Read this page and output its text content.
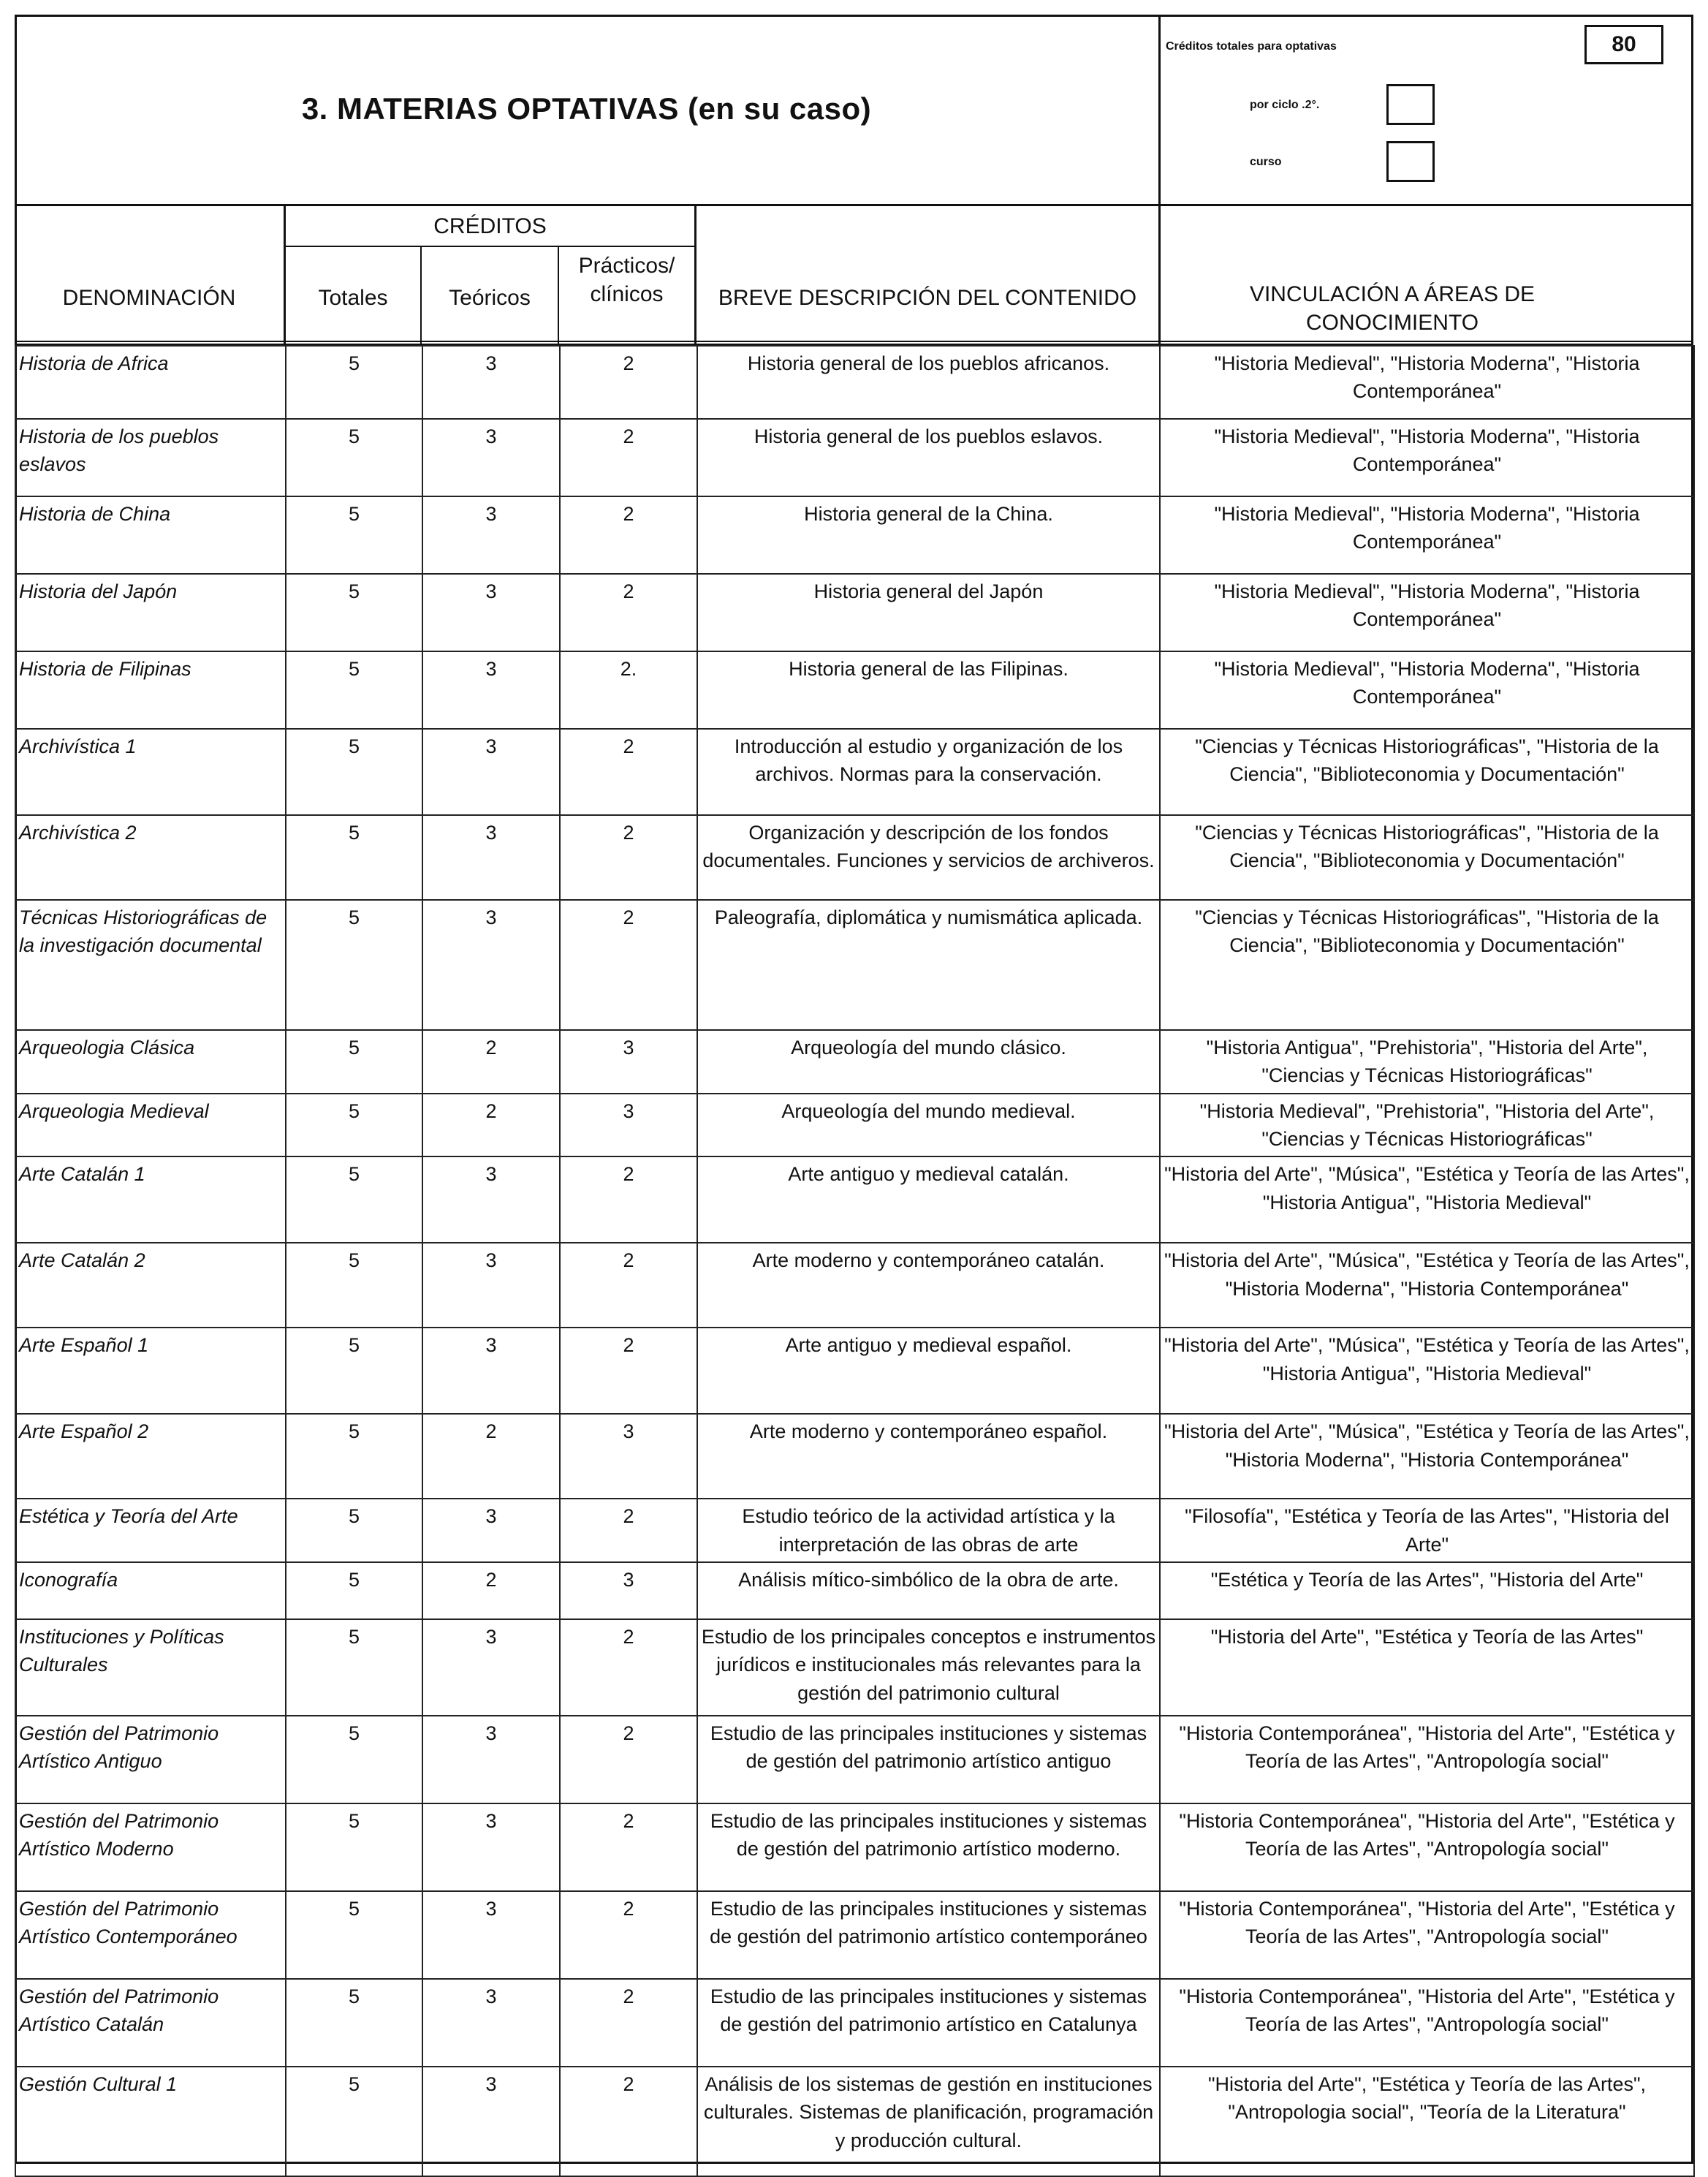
3. MATERIAS OPTATIVAS (en su caso)
Créditos totales para optativas	80
por ciclo .2°.
curso
DENOMINACIÓN
CRÉDITOS
Totales	Teóricos
Prácticos/ clínicos	BREVE DESCRIPCIÓN DEL CONTENIDO	VINCULACIÓN A ÁREAS DE CONOCIMIENTO
Historia de Africa	5	3	2	Historia general de los pueblos africanos.	"Historia Medieval", "Historia Moderna", "Historia Contemporánea"
Historia de los pueblos eslavos	5	3	2	Historia general de los pueblos eslavos.	"Historia Medieval", "Historia Moderna", "Historia Contemporánea"
Historia de China	5	3	2	Historia general de la China.	"Historia Medieval", "Historia Moderna", "Historia Contemporánea"
Historia del Japón	5	3	2	Historia general del Japón	"Historia Medieval", "Historia Moderna", "Historia Contemporánea"
Historia de Filipinas	5	3	2.	Historia general de las Filipinas.	"Historia Medieval", "Historia Moderna", "Historia Contemporánea"
Archivística 1	5	3	2	Introducción al estudio y organización de los archivos. Normas para la conservación.	"Ciencias y Técnicas Historiográficas", "Historia de la Ciencia", "Biblioteconomia y Documentación"
Archivística 2	5	3	2	Organización y descripción de los fondos documentales. Funciones y servicios de archiveros.	"Ciencias y Técnicas Historiográficas", "Historia de la Ciencia", "Biblioteconomia y Documentación"
Técnicas Historiográficas de la investigación documental	5	3	2	Paleografía, diplomática y numismática aplicada.	"Ciencias y Técnicas Historiográficas", "Historia de la Ciencia", "Biblioteconomia y Documentación"
Arqueologia Clásica	5	2	3	Arqueología del mundo clásico.	"Historia Antigua", "Prehistoria", "Historia del Arte", "Ciencias y Técnicas Historiográficas"
Arqueologia Medieval	5	2	3	Arqueología del mundo medieval.	"Historia Medieval", "Prehistoria", "Historia del Arte", "Ciencias y Técnicas Historiográficas"
Arte Catalán 1	5	3	2	Arte antiguo y medieval catalán.	"Historia del Arte", "Música", "Estética y Teoría de las Artes", "Historia Antigua", "Historia Medieval"
Arte Catalán 2	5	3	2	Arte moderno y contemporáneo catalán.	"Historia del Arte", "Música", "Estética y Teoría de las Artes", "Historia Moderna", "Historia Contemporánea"
Arte Español 1	5	3	2	Arte antiguo y medieval español.	"Historia del Arte", "Música", "Estética y Teoría de las Artes", "Historia Antigua", "Historia Medieval"
Arte Español 2	5	2	3	Arte moderno y contemporáneo español.	"Historia del Arte", "Música", "Estética y Teoría de las Artes", "Historia Moderna", "Historia Contemporánea"
Estética y Teoría del Arte	5	3	2	Estudio teórico de la actividad artística y la interpretación de las obras de arte	"Filosofía", "Estética y Teoría de las Artes", "Historia del Arte"
Iconografía	5	2	3	Análisis mítico-simbólico de la obra de arte.	"Estética y Teoría de las Artes", "Historia del Arte"
Instituciones y Políticas Culturales	5	3	2	Estudio de los principales conceptos e instrumentos jurídicos e institucionales más relevantes para la gestión del patrimonio cultural	"Historia del Arte", "Estética y Teoría de las Artes"
Gestión del Patrimonio Artístico Antiguo	5	3	2	Estudio de las principales instituciones y sistemas de gestión del patrimonio artístico antiguo	"Historia Contemporánea", "Historia del Arte", "Estética y Teoría de las Artes", "Antropología social"
Gestión del Patrimonio Artístico Moderno	5	3	2	Estudio de las principales instituciones y sistemas de gestión del patrimonio artístico moderno.	"Historia Contemporánea", "Historia del Arte", "Estética y Teoría de las Artes", "Antropología social"
Gestión del Patrimonio Artístico Contemporáneo	5	3	2	Estudio de las principales instituciones y sistemas de gestión del patrimonio artístico contemporáneo	"Historia Contemporánea", "Historia del Arte", "Estética y Teoría de las Artes", "Antropología social"
Gestión del Patrimonio Artístico Catalán	5	3	2	Estudio de las principales instituciones y sistemas de gestión del patrimonio artístico en Catalunya	"Historia Contemporánea", "Historia del Arte", "Estética y Teoría de las Artes", "Antropología social"
Gestión Cultural 1	5	3	2	Análisis de los sistemas de gestión en instituciones culturales. Sistemas de planificación, programación y producción cultural.	"Historia del Arte", "Estética y Teoría de las Artes", "Antropologia social", "Teoría de la Literatura"
